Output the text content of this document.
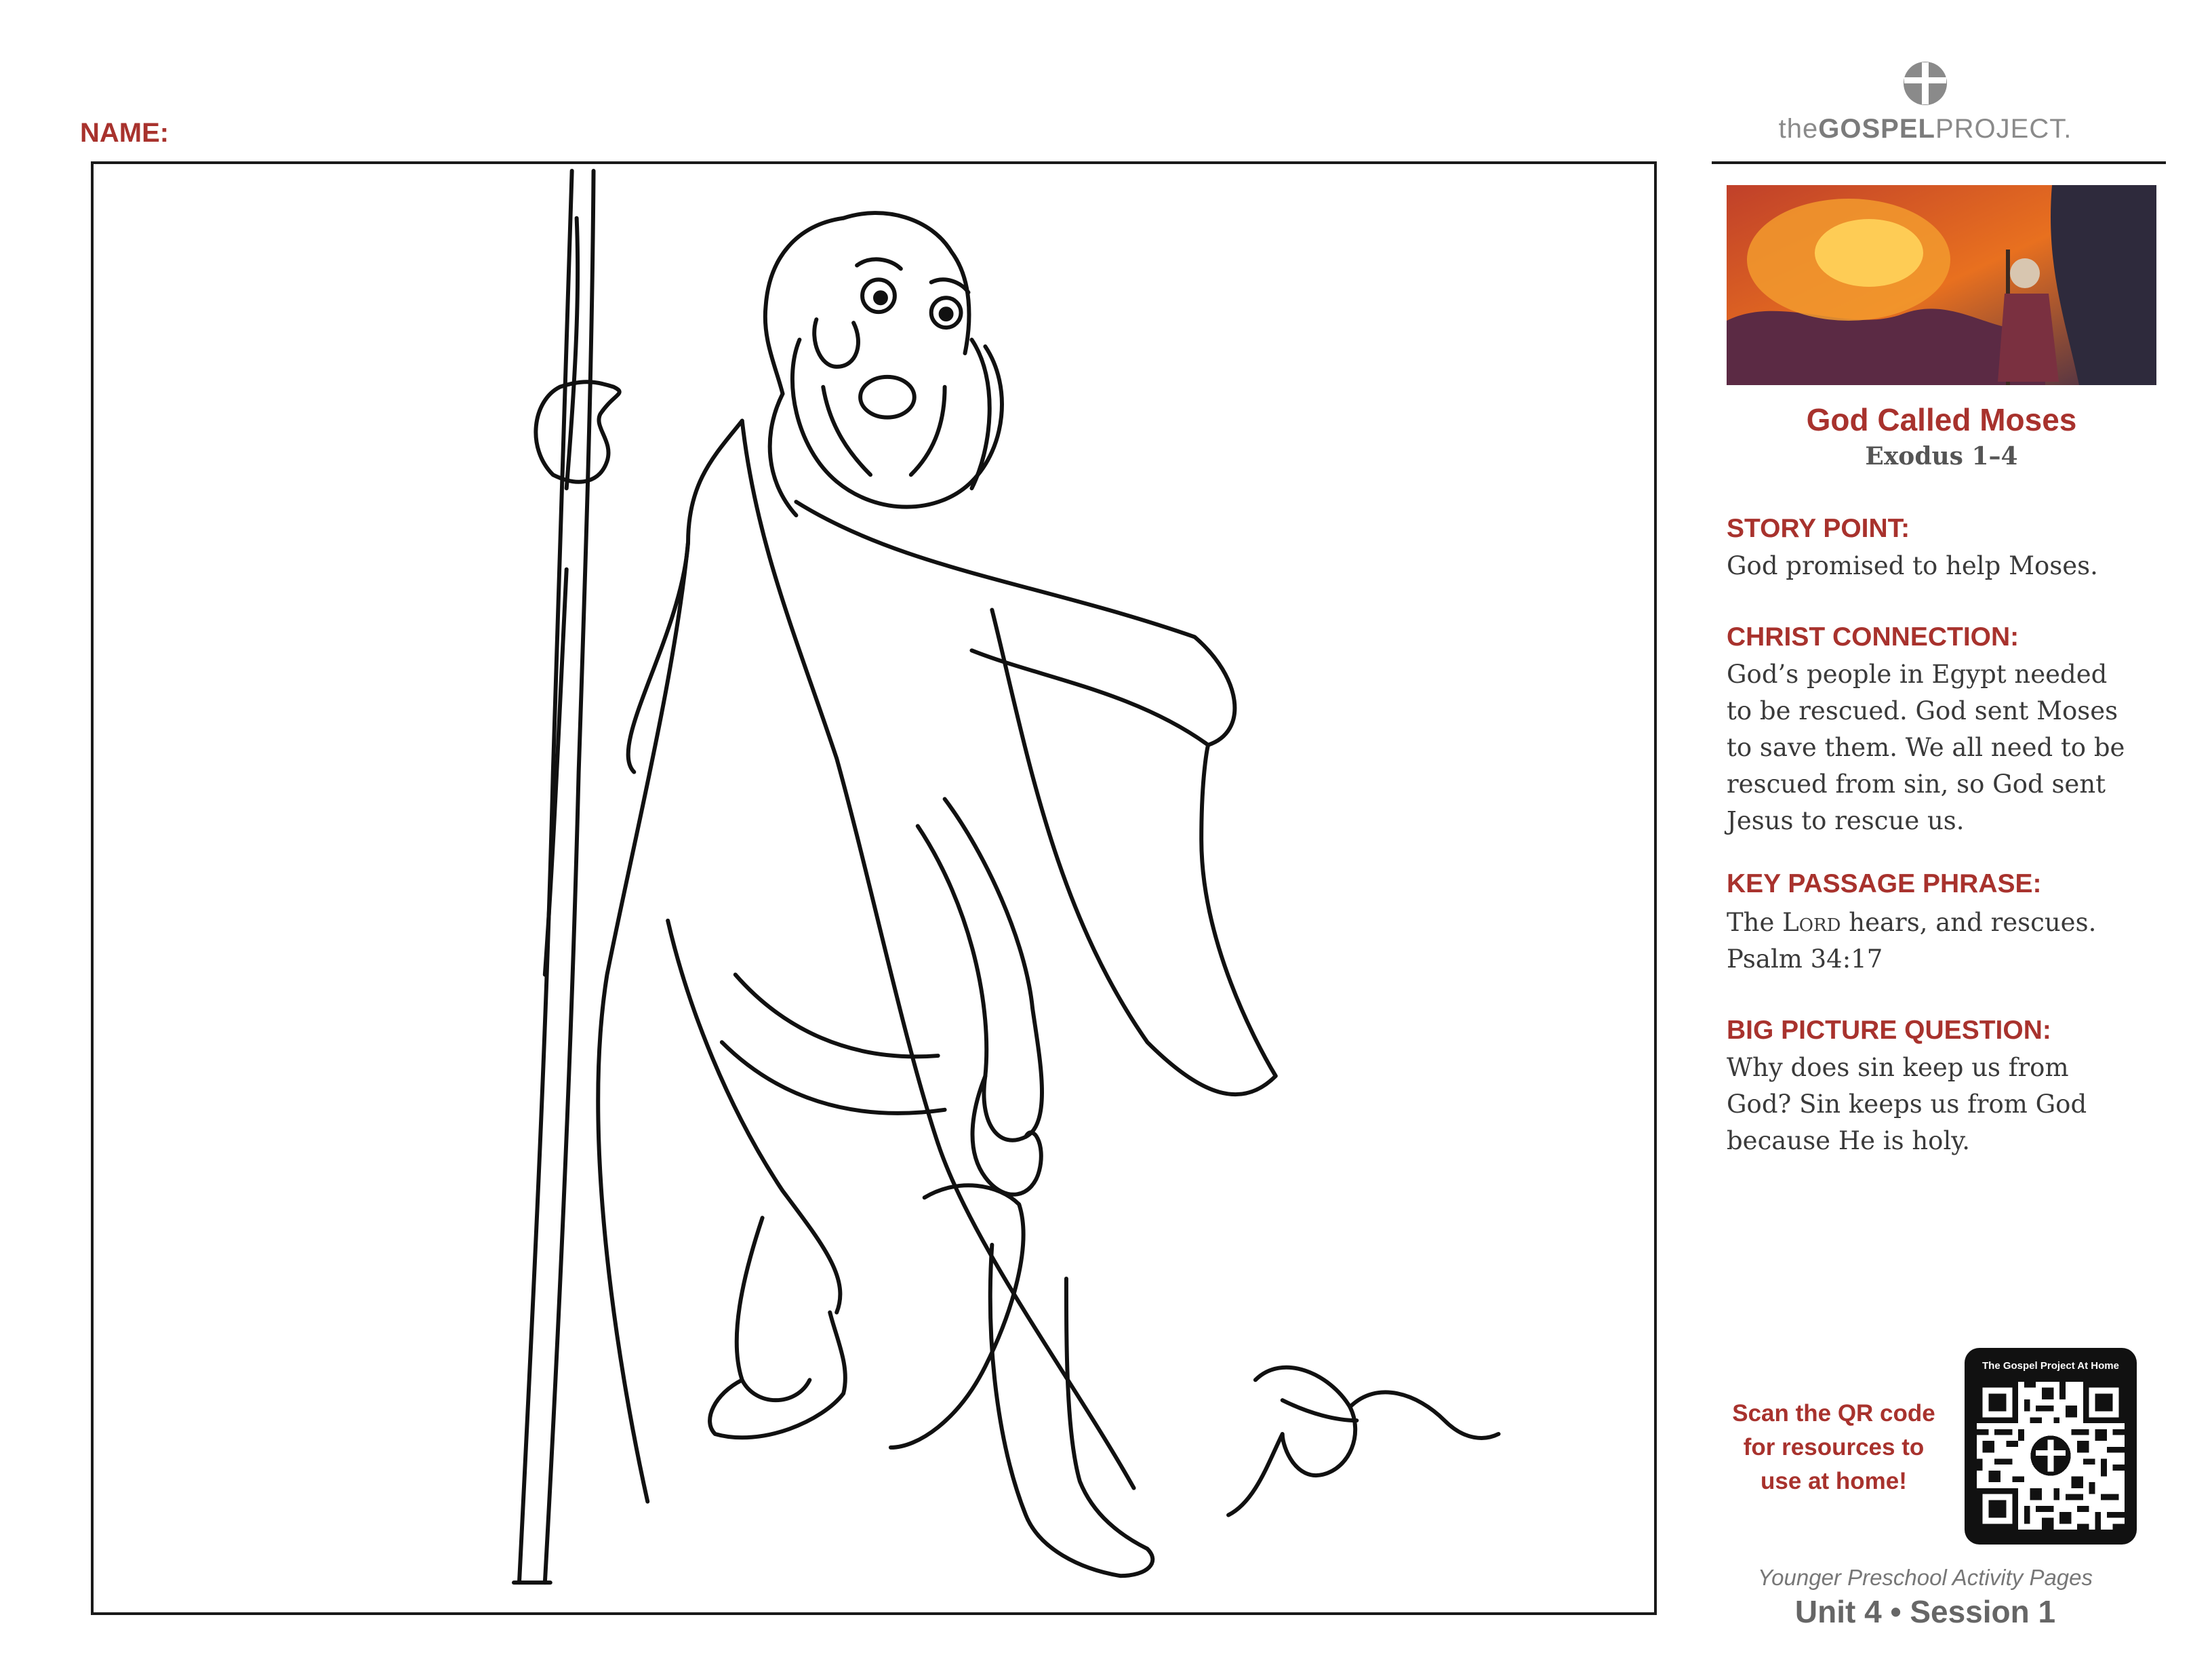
NAME:	theGOSPELPROJECT.
God Called Moses
Exodus 1–4
STORY POINT:
God promised to help Moses.
CHRIST CONNECTION:
God’s people in Egypt needed
to be rescued. God sent Moses
to save them. We all need to be
rescued from sin, so God sent
Jesus to rescue us.
KEY PASSAGE PHRASE:
The Lord hears, and rescues.
Psalm 34:17
BIG PICTURE QUESTION:
Why does sin keep us from
God? Sin keeps us from God
because He is holy.
Scan the QR code
for resources to
use at home!
The Gospel Project At Home
Younger Preschool Activity Pages
Unit 4 • Session 1
